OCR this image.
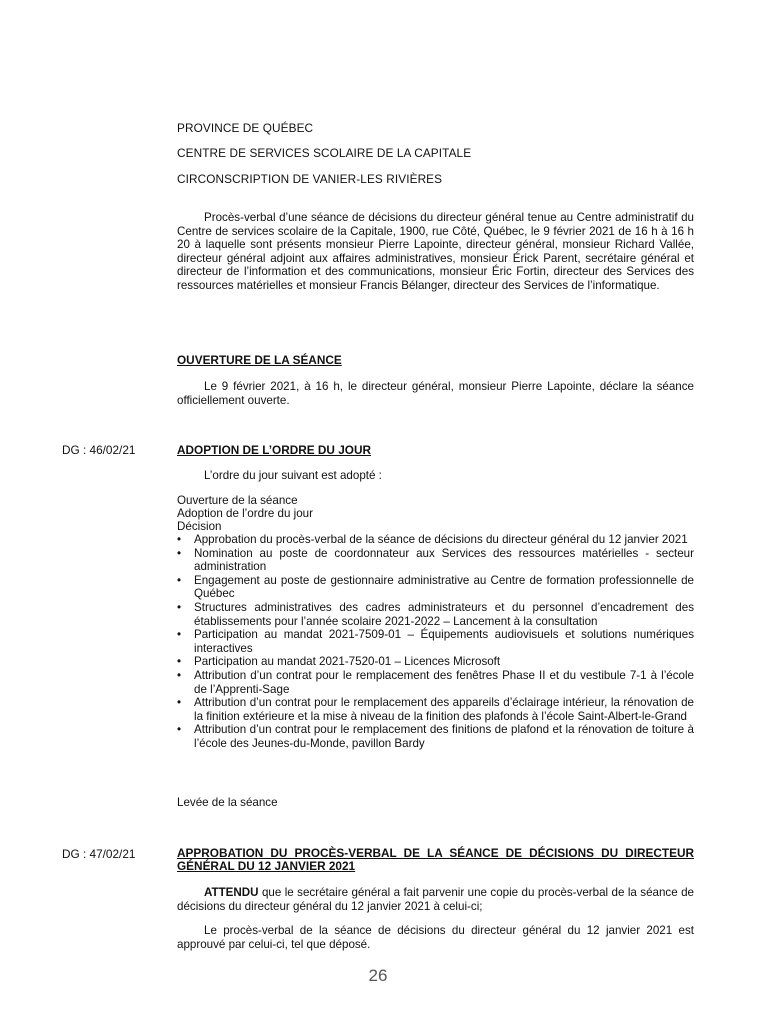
PROVINCE DE QUÉBEC
CENTRE DE SERVICES SCOLAIRE DE LA CAPITALE
CIRCONSCRIPTION DE VANIER-LES RIVIÈRES
Procès-verbal d’une séance de décisions du directeur général tenue au Centre administratif du Centre de services scolaire de la Capitale, 1900, rue Côté, Québec, le 9 février 2021 de 16 h à 16 h 20 à laquelle sont présents monsieur Pierre Lapointe, directeur général, monsieur Richard Vallée, directeur général adjoint aux affaires administratives, monsieur Érick Parent, secrétaire général et directeur de l’information et des communications, monsieur Éric Fortin, directeur des Services des ressources matérielles et monsieur Francis Bélanger, directeur des Services de l’informatique.
OUVERTURE DE LA SÉANCE
Le 9 février 2021, à 16 h, le directeur général, monsieur Pierre Lapointe, déclare la séance officiellement ouverte.
DG : 46/02/21	ADOPTION DE L’ORDRE DU JOUR
L’ordre du jour suivant est adopté :
Ouverture de la séance
Adoption de l’ordre du jour
Décision
• Approbation du procès-verbal de la séance de décisions du directeur général du 12 janvier 2021
• Nomination au poste de coordonnateur aux Services des ressources matérielles - secteur administration
• Engagement au poste de gestionnaire administrative au Centre de formation professionnelle de Québec
• Structures administratives des cadres administrateurs et du personnel d’encadrement des établissements pour l’année scolaire 2021-2022 – Lancement à la consultation
• Participation au mandat 2021-7509-01 – Équipements audiovisuels et solutions numériques interactives
• Participation au mandat 2021-7520-01 – Licences Microsoft
• Attribution d’un contrat pour le remplacement des fenêtres Phase II et du vestibule 7-1 à l’école de l’Apprenti-Sage
• Attribution d’un contrat pour le remplacement des appareils d’éclairage intérieur, la rénovation de la finition extérieure et la mise à niveau de la finition des plafonds à l’école Saint-Albert-le-Grand
• Attribution d’un contrat pour le remplacement des finitions de plafond et la rénovation de toiture à l’école des Jeunes-du-Monde, pavillon Bardy
Levée de la séance
DG : 47/02/21	APPROBATION DU PROCÈS-VERBAL DE LA SÉANCE DE DÉCISIONS DU DIRECTEUR GÉNÉRAL DU 12 JANVIER 2021
ATTENDU que le secrétaire général a fait parvenir une copie du procès-verbal de la séance de décisions du directeur général du 12 janvier 2021 à celui-ci;
Le procès-verbal de la séance de décisions du directeur général du 12 janvier 2021 est approuvé par celui-ci, tel que déposé.
26
